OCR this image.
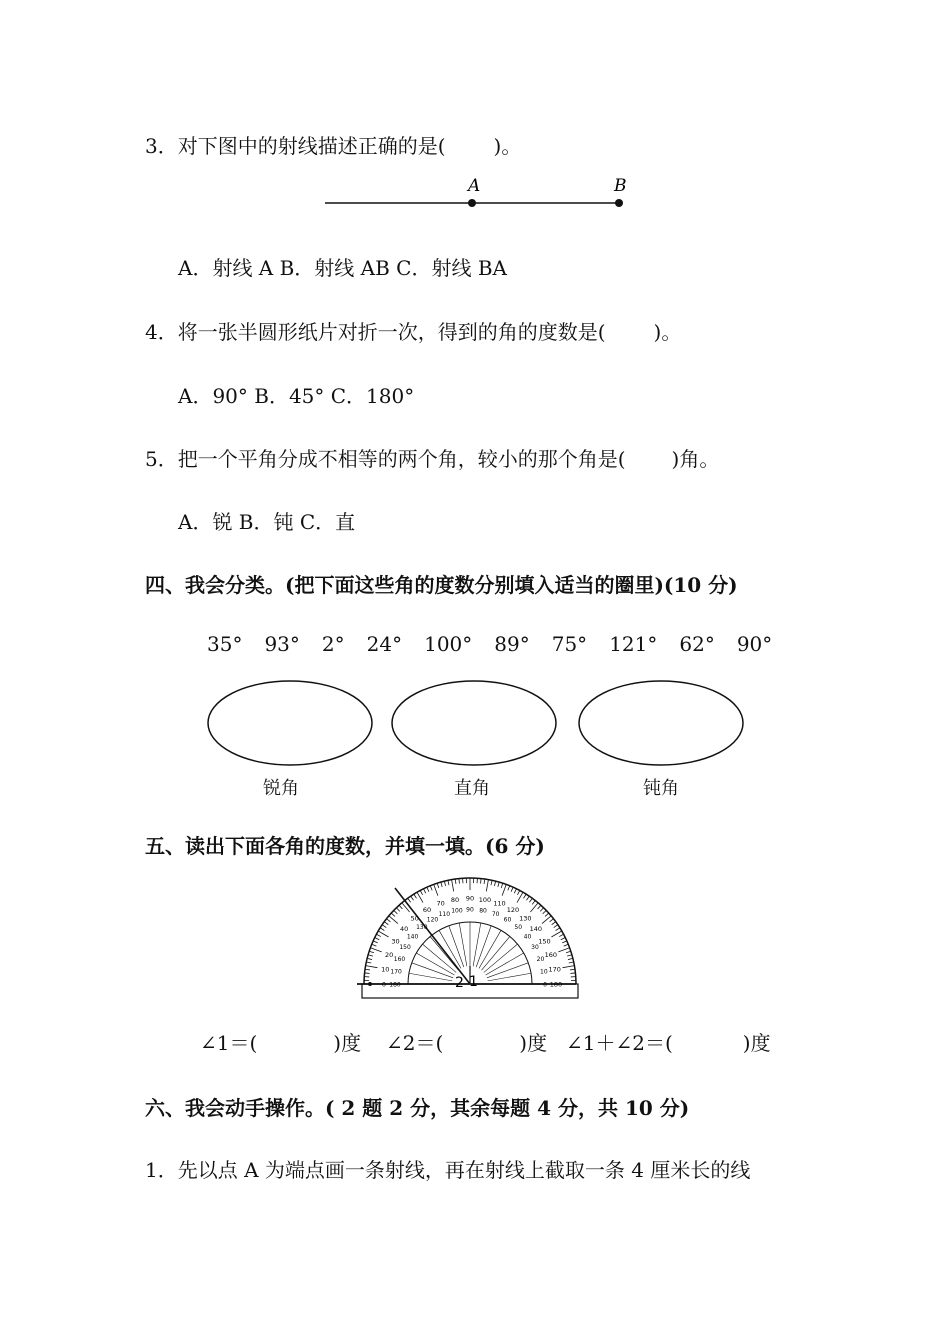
3．对下图中的射线描述正确的是( )。
A	B
A．射线 A B．射线 AB C．射线 BA
4．将一张半圆形纸片对折一次，得到的角的度数是( )。
A．90° B．45° C．180°
5．把一个平角分成不相等的两个角，较小的那个角是( )角。
A．锐 B．钝 C．直
四、我会分类。(把下面这些角的度数分别填入适当的圈里)(10 分)
35° 93° 2° 24° 100° 89° 75° 121° 62° 90°
锐角	直角	钝角
五、读出下面各角的度数，并填一填。(6 分)
180
0
170
10
160
20
150
30
140
40
130
50
120
60
110
70
100
80
90
90
80
100
70
110
60
120
50
130
40
140
30
150
20
160
10 170
0 180	2 1
∠1＝(	)度 ∠2＝(	)度 ∠1＋∠2＝(	)度
六、我会动手操作。( 2 题 2 分，其余每题 4 分，共 10 分)
1．先以点 A 为端点画一条射线，再在射线上截取一条 4 厘米长的线
